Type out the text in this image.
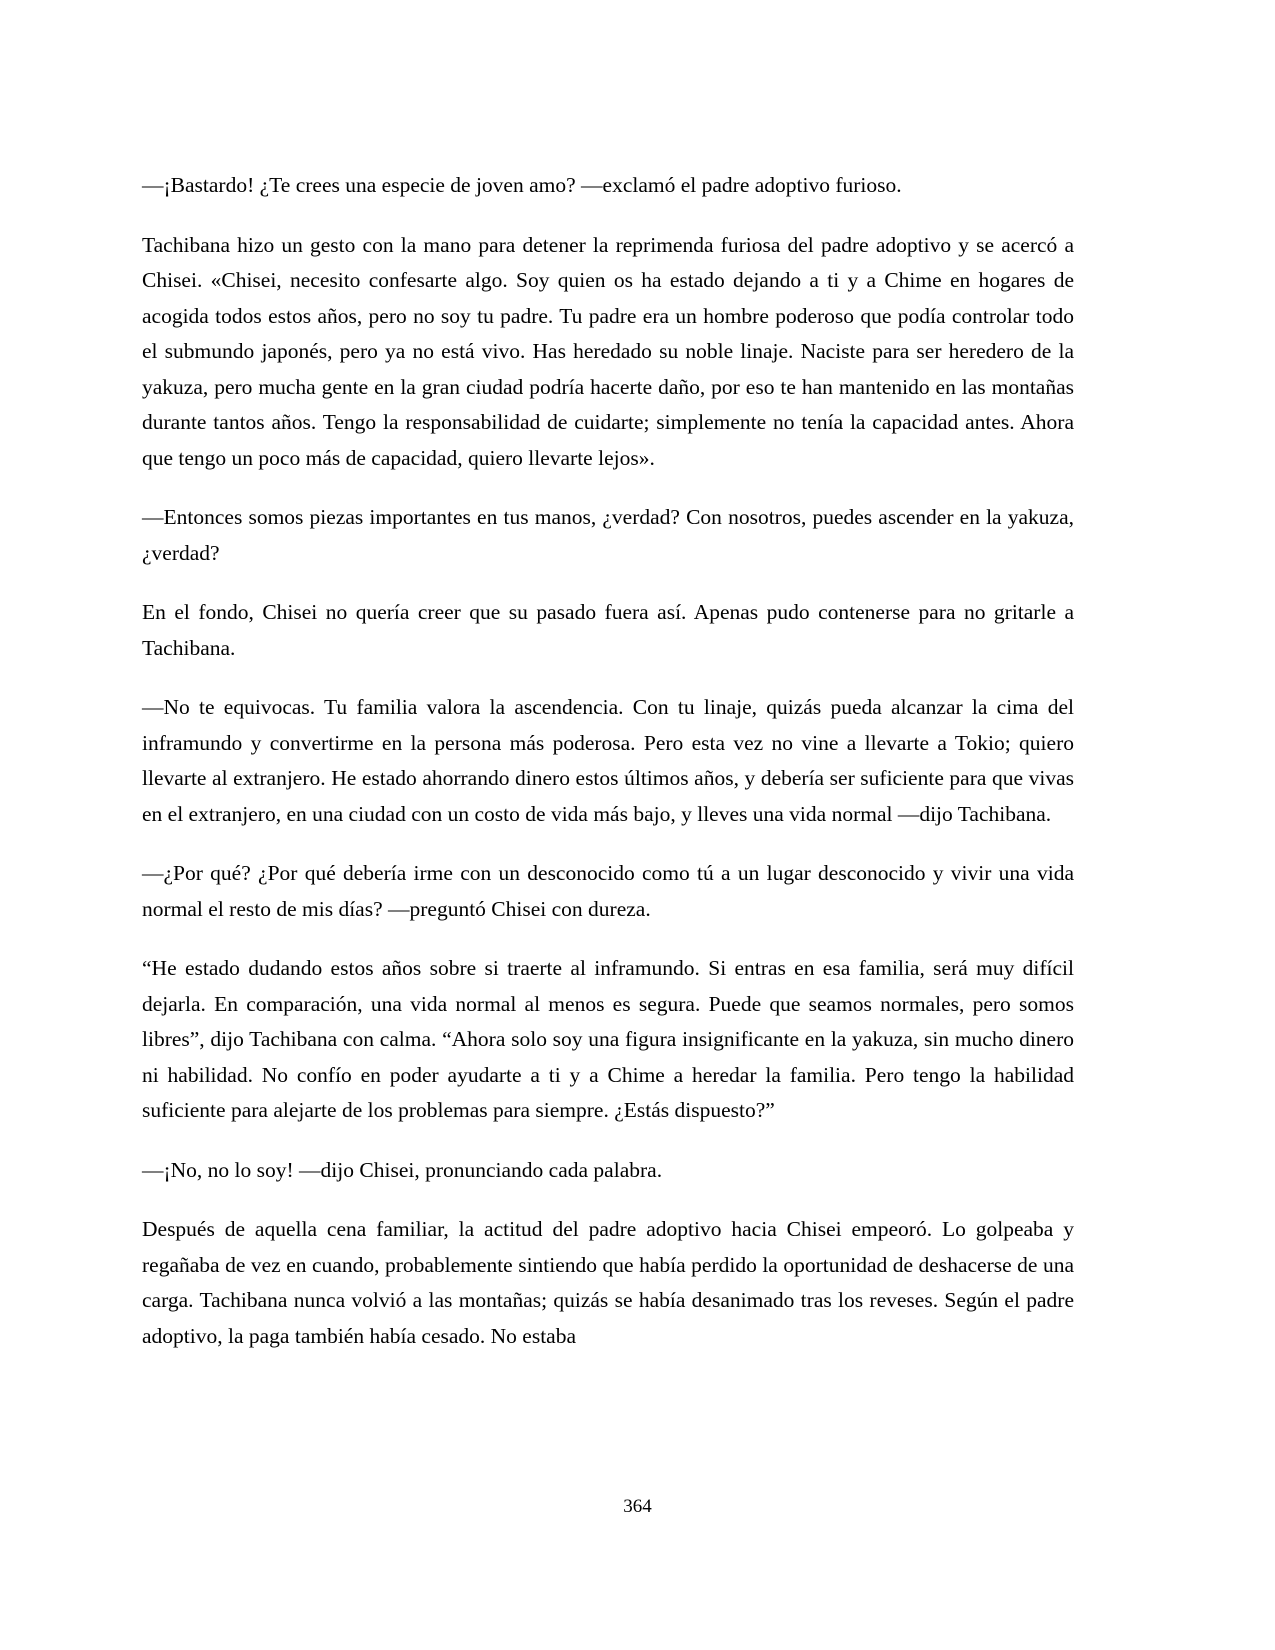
—¡Bastardo! ¿Te crees una especie de joven amo? —exclamó el padre adoptivo furioso.

Tachibana hizo un gesto con la mano para detener la reprimenda furiosa del padre adoptivo y se acercó a Chisei. «Chisei, necesito confesarte algo. Soy quien os ha estado dejando a ti y a Chime en hogares de acogida todos estos años, pero no soy tu padre. Tu padre era un hombre poderoso que podía controlar todo el submundo japonés, pero ya no está vivo. Has heredado su noble linaje. Naciste para ser heredero de la yakuza, pero mucha gente en la gran ciudad podría hacerte daño, por eso te han mantenido en las montañas durante tantos años. Tengo la responsabilidad de cuidarte; simplemente no tenía la capacidad antes. Ahora que tengo un poco más de capacidad, quiero llevarte lejos».

—Entonces somos piezas importantes en tus manos, ¿verdad? Con nosotros, puedes ascender en la yakuza, ¿verdad?

En el fondo, Chisei no quería creer que su pasado fuera así. Apenas pudo contenerse para no gritarle a Tachibana.

—No te equivocas. Tu familia valora la ascendencia. Con tu linaje, quizás pueda alcanzar la cima del inframundo y convertirme en la persona más poderosa. Pero esta vez no vine a llevarte a Tokio; quiero llevarte al extranjero. He estado ahorrando dinero estos últimos años, y debería ser suficiente para que vivas en el extranjero, en una ciudad con un costo de vida más bajo, y lleves una vida normal —dijo Tachibana.

—¿Por qué? ¿Por qué debería irme con un desconocido como tú a un lugar desconocido y vivir una vida normal el resto de mis días? —preguntó Chisei con dureza.

“He estado dudando estos años sobre si traerte al inframundo. Si entras en esa familia, será muy difícil dejarla. En comparación, una vida normal al menos es segura. Puede que seamos normales, pero somos libres”, dijo Tachibana con calma. “Ahora solo soy una figura insignificante en la yakuza, sin mucho dinero ni habilidad. No confío en poder ayudarte a ti y a Chime a heredar la familia. Pero tengo la habilidad suficiente para alejarte de los problemas para siempre. ¿Estás dispuesto?”

—¡No, no lo soy! —dijo Chisei, pronunciando cada palabra.

Después de aquella cena familiar, la actitud del padre adoptivo hacia Chisei empeoró. Lo golpeaba y regañaba de vez en cuando, probablemente sintiendo que había perdido la oportunidad de deshacerse de una carga. Tachibana nunca volvió a las montañas; quizás se había desanimado tras los reveses. Según el padre adoptivo, la paga también había cesado. No estaba

364
